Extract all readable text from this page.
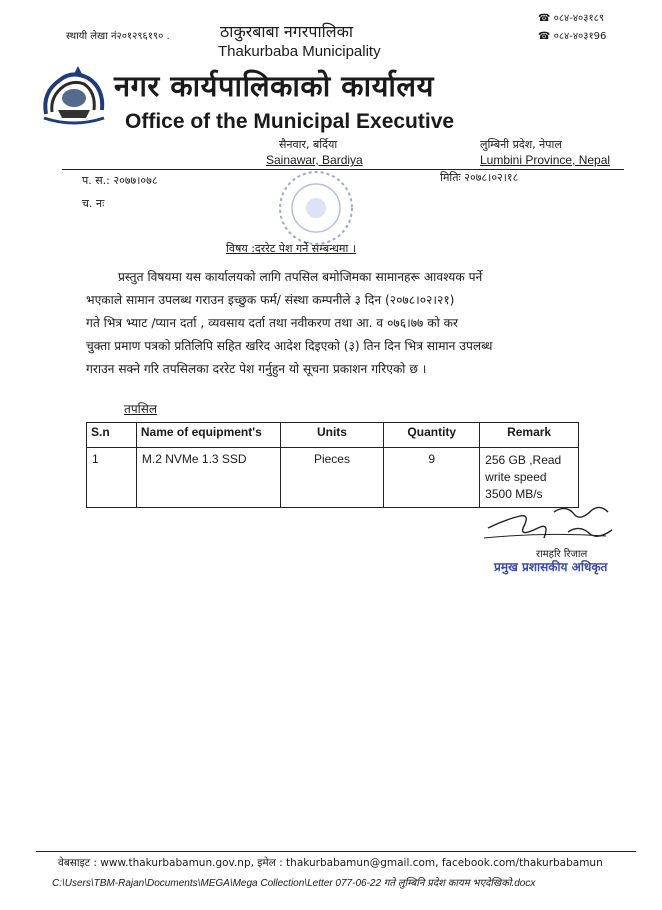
स्थायी लेखा नं२०१२९६१९० .	ठाकुरबाबा नगरपालिका
Thakurbaba Municipality
☎ ०८४-४०३१८९
☎ ०८४-४०३१96
नगर कार्यपालिकाको कार्यालय
Office of the Municipal Executive
सैनवार, बर्दिया
Sainawar, Bardiya
लुम्बिनी प्रदेश, नेपाल
Lumbini Province, Nepal
प. स.: २०७७।०७८	मितिः २०७८।०२।१८
च. नः
विषय :दररेट पेश गर्ने सम्बन्धमा ।
प्रस्तुत विषयमा यस कार्यालयको लागि तपसिल बमोजिमका सामानहरू आवश्यक पर्ने
भएकाले सामान उपलब्ध गराउन इच्छुक फर्म/ संस्था कम्पनीले ३ दिन (२०७८।०२।२१)
गते भित्र भ्याट /प्यान दर्ता , व्यवसाय दर्ता तथा नवीकरण तथा आ. व ०७६।७७ को कर
चुक्ता प्रमाण पत्रको प्रतिलिपि सहित खरिद आदेश दिइएको (३) तिन दिन भित्र सामान उपलब्ध
गराउन सक्ने गरि तपसिलका दररेट पेश गर्नुहुन यो सूचना प्रकाशन गरिएको छ ।
तपसिल
S.n	Name of equipment's	Units	Quantity	Remark
1	M.2 NVMe 1.3 SSD	Pieces	9	256 GB ,Read write speed 3500 MB/s
रामहरि रिजाल
प्रमुख प्रशासकीय अधिकृत
वेबसाइट : www.thakurbabamun.gov.np, इमेल : thakurbabamun@gmail.com, facebook.com/thakurbabamun
C:\Users\TBM-Rajan\Documents\MEGA\Mega Collection\Letter 077-06-22 गते लुम्बिनि प्रदेश कायम भएदेखिको.docx
